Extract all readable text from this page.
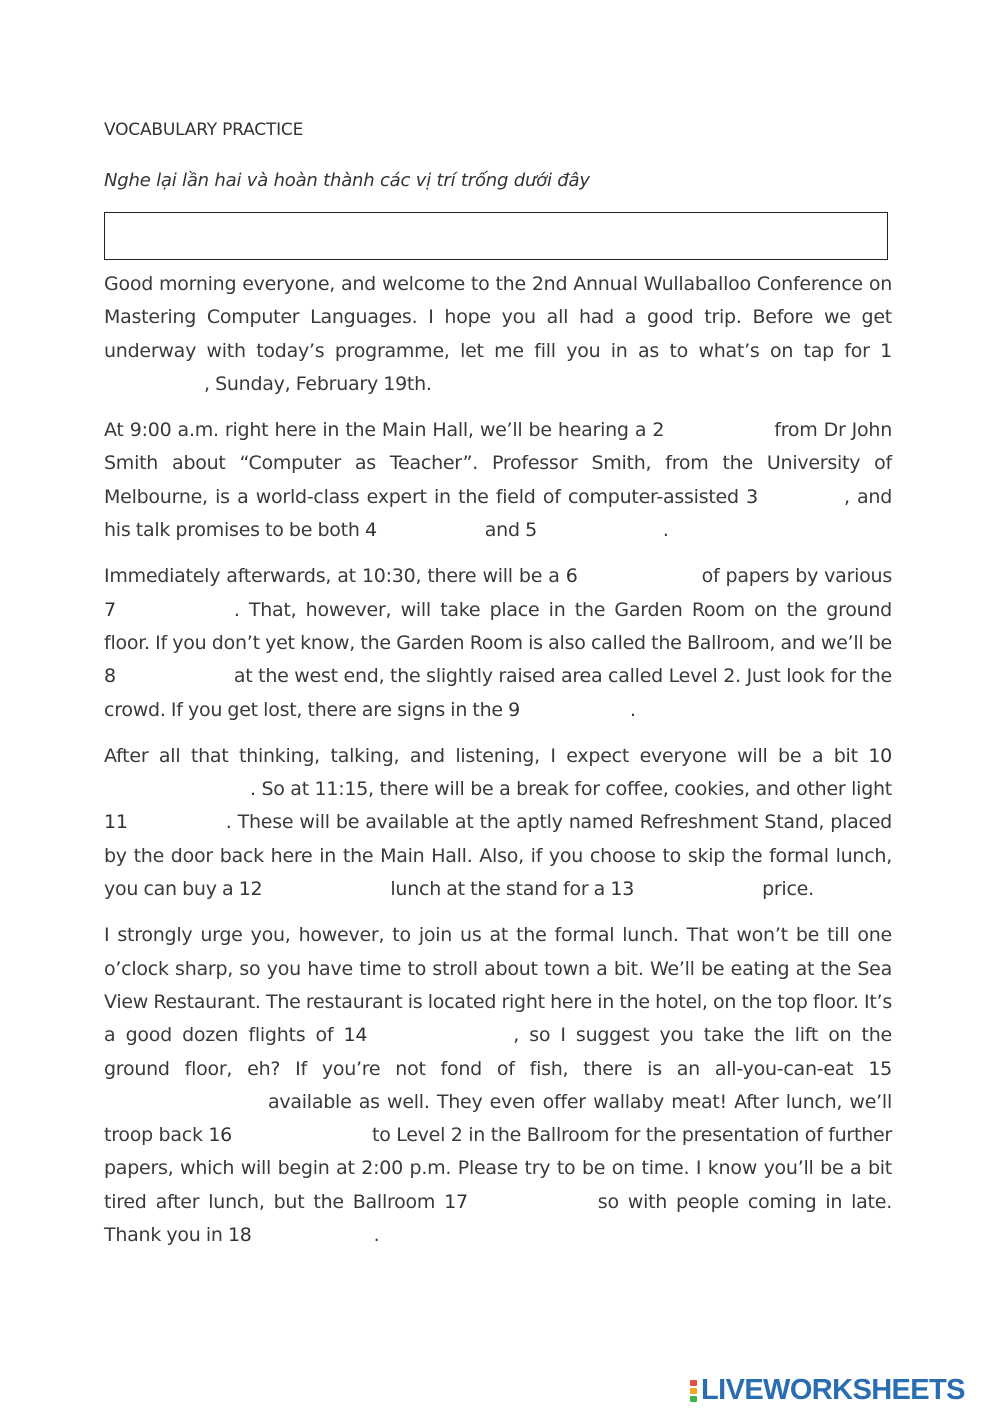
VOCABULARY PRACTICE
Nghe lại lần hai và hoàn thành các vị trí trống dưới đây

Good morning everyone, and welcome to the 2nd Annual Wullaballoo Conference on Mastering Computer Languages. I hope you all had a good trip. Before we get underway with today’s programme, let me fill you in as to what’s on tap for 1, Sunday, February 19th.

At 9:00 a.m. right here in the Main Hall, we’ll be hearing a 2	from Dr John Smith about “Computer as Teacher”. Professor Smith, from the University of Melbourne, is a world-class expert in the field of computer-assisted 3	, and his talk promises to be both 4	and 5	.

Immediately afterwards, at 10:30, there will be a 6	of papers by various 7	. That, however, will take place in the Garden Room on the ground floor. If you don’t yet know, the Garden Room is also called the Ballroom, and we’ll be 8	at the west end, the slightly raised area called Level 2. Just look for the crowd. If you get lost, there are signs in the 9	.

After all that thinking, talking, and listening, I expect everyone will be a bit 10. So at 11:15, there will be a break for coffee, cookies, and other light 11	. These will be available at the aptly named Refreshment Stand, placed by the door back here in the Main Hall. Also, if you choose to skip the formal lunch, you can buy a 12	lunch at the stand for a 13	price.

I strongly urge you, however, to join us at the formal lunch. That won’t be till one o’clock sharp, so you have time to stroll about town a bit. We’ll be eating at the Sea View Restaurant. The restaurant is located right here in the hotel, on the top floor. It’s a good dozen flights of 14	, so I suggest you take the lift on the ground floor, eh? If you’re not fond of fish, there is an all-you-can-eat 15available as well. They even offer wallaby meat! After lunch, we’ll troop back 16	to Level 2 in the Ballroom for the presentation of further papers, which will begin at 2:00 p.m. Please try to be on time. I know you’ll be a bit tired after lunch, but the Ballroom 17	so with people coming in late. Thank you in 18	.

LIVEWORKSHEETS
